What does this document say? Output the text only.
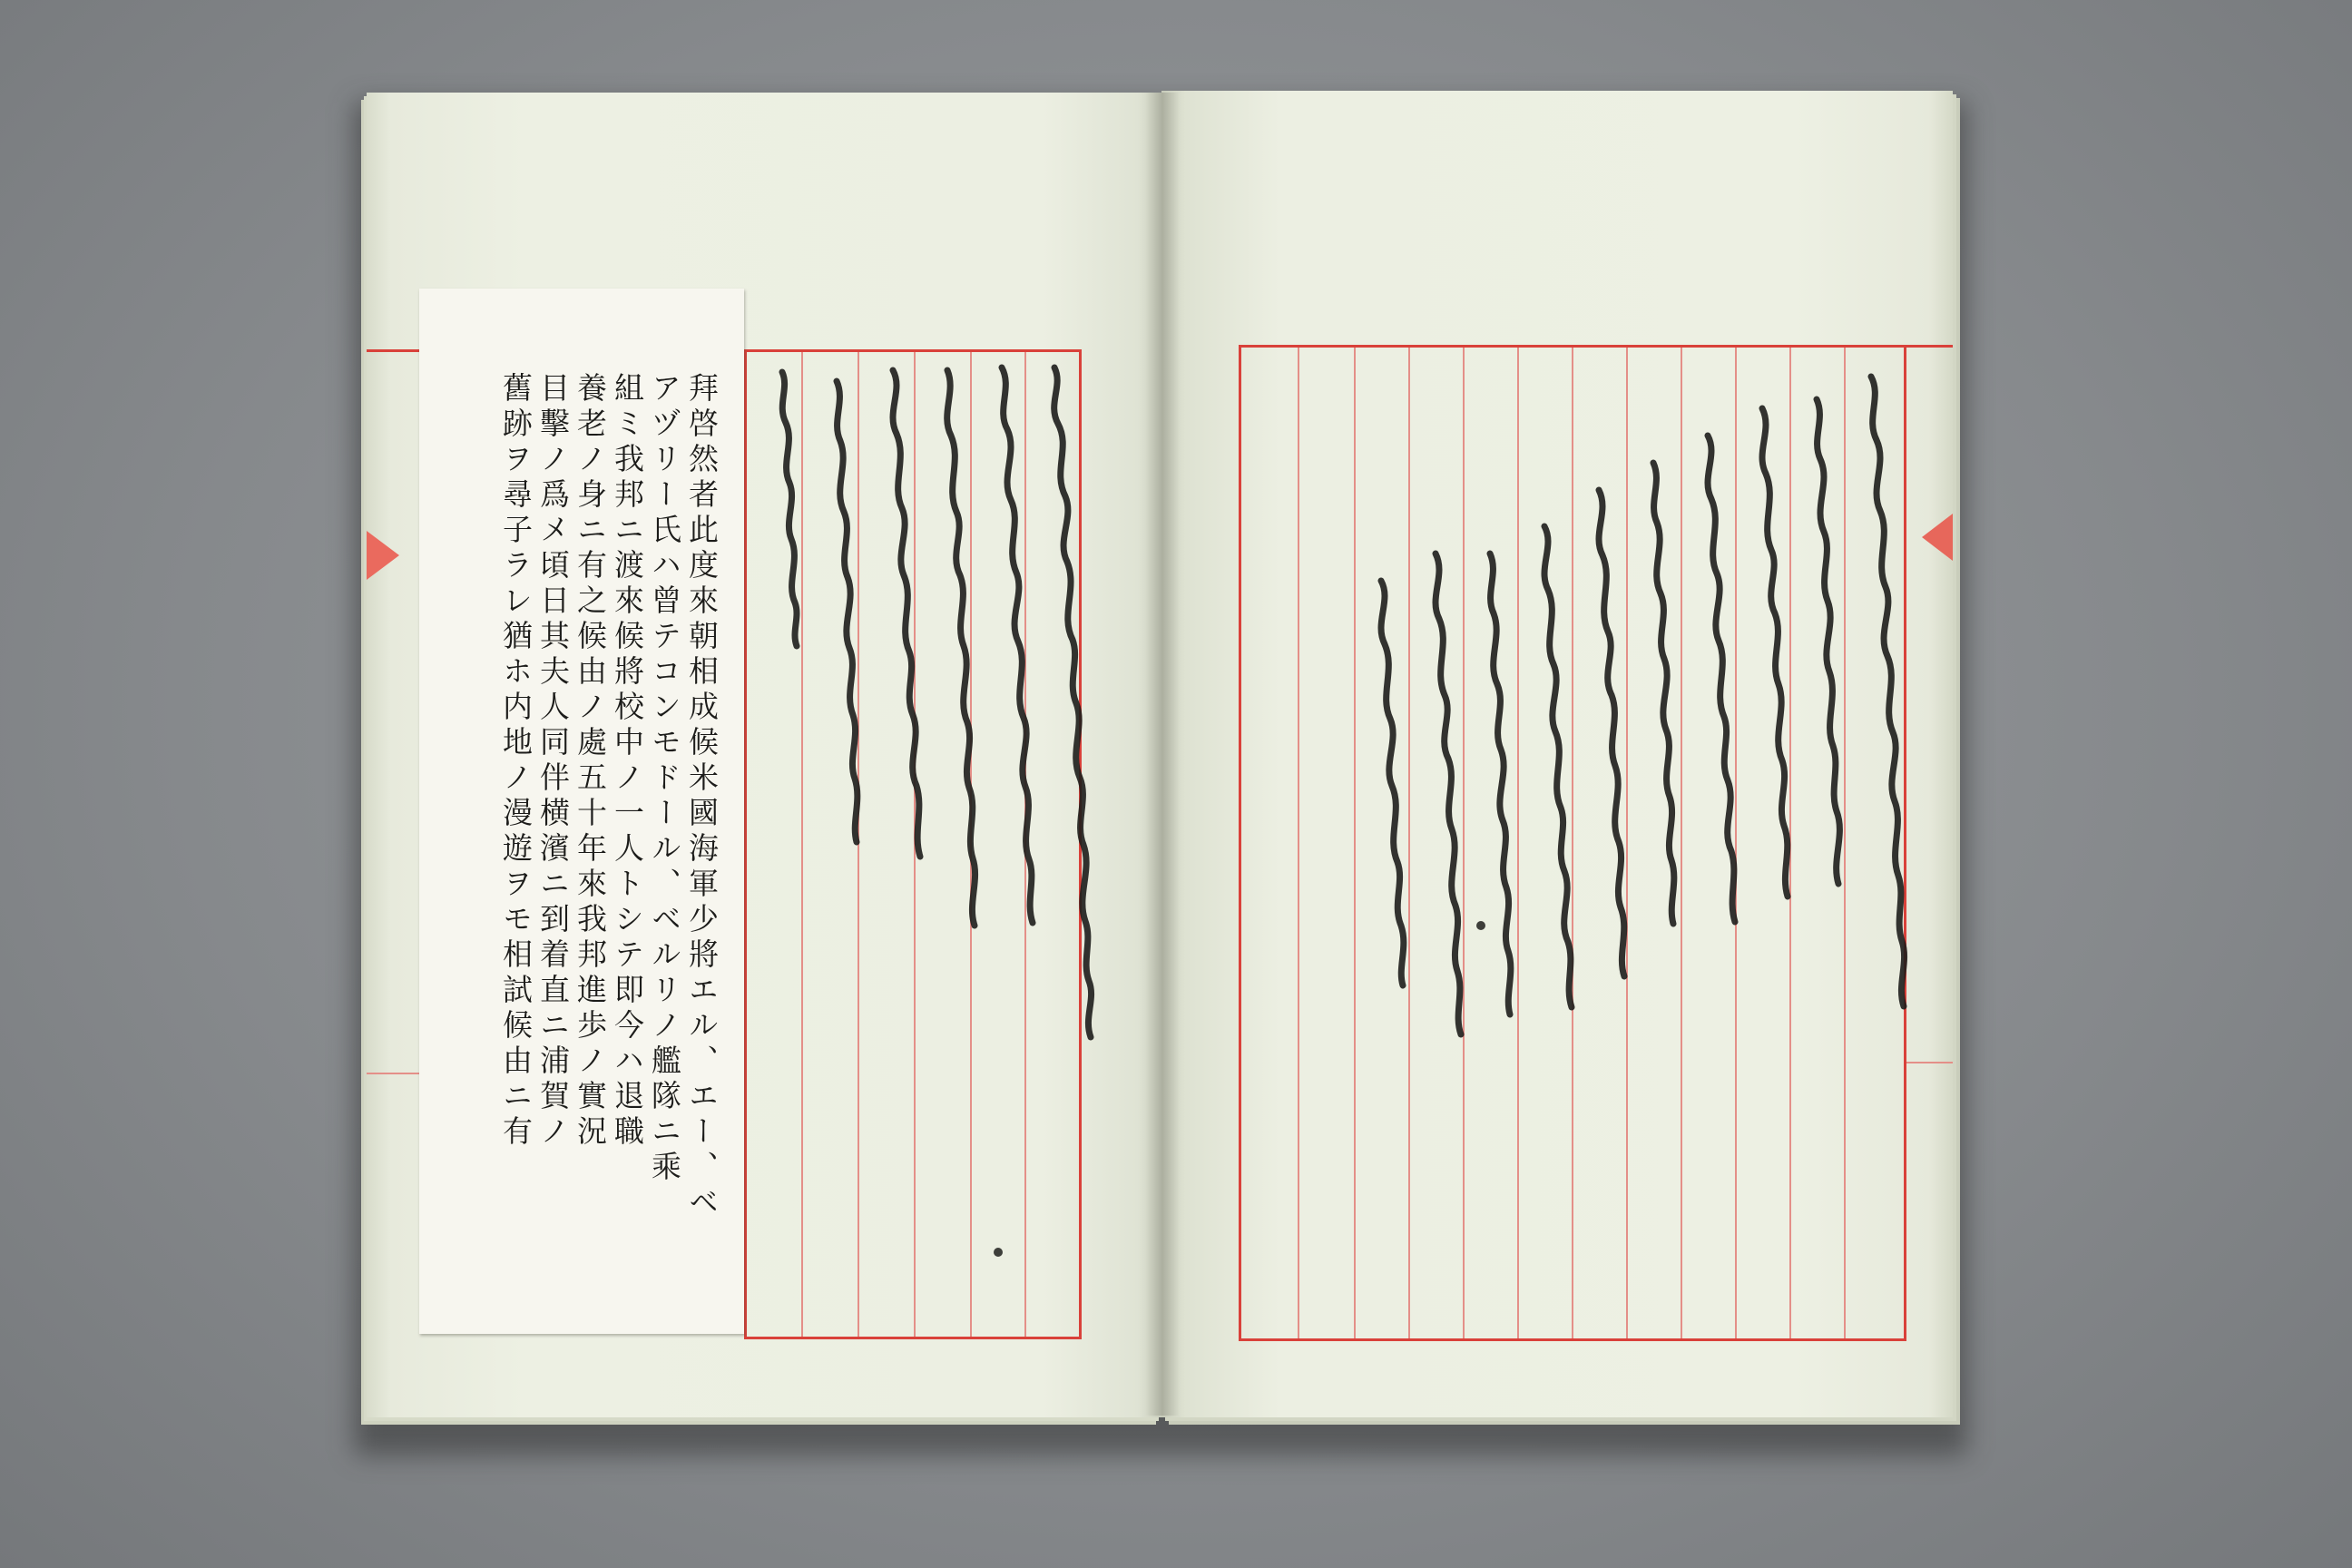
拜啓然者此度來朝相成候米國海軍少將エル、エー、ベ
アヅリー氏ハ曾テコンモドール、ベルリノ艦隊ニ乘
組ミ我邦ニ渡來候將校中ノ一人トシテ即今ハ退職
養老ノ身ニ有之候由ノ處五十年來我邦進歩ノ實況
目擊ノ爲メ頃日其夫人同伴横濱ニ到着直ニ浦賀ノ
舊跡ヲ尋子ラレ猶ホ内地ノ漫遊ヲモ相試候由ニ有
